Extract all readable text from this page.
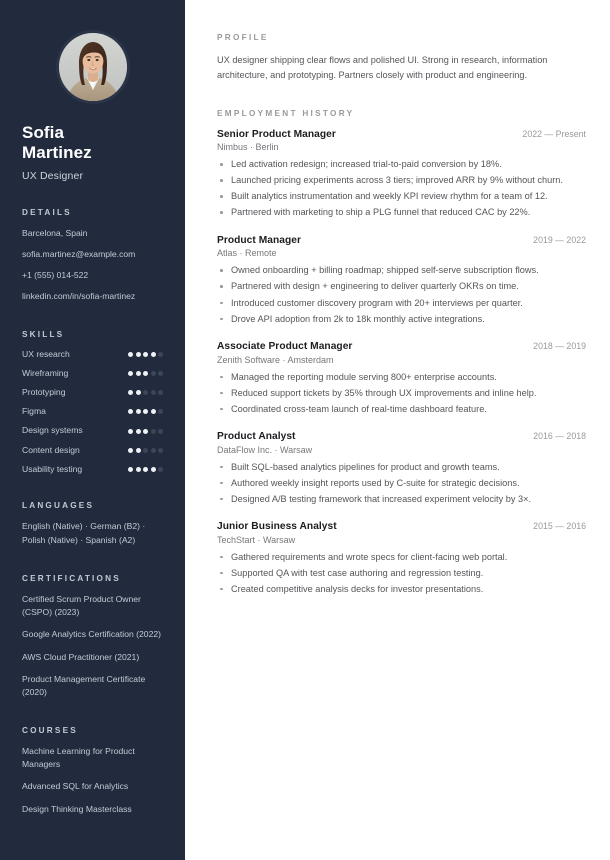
Sofia
Martinez
UX Designer
DETAILS
Barcelona, Spain
sofia.martinez@example.com
+1 (555) 014-522
linkedin.com/in/sofia-martinez
SKILLS
UX research
Wireframing
Prototyping
Figma
Design systems
Content design
Usability testing
LANGUAGES
English (Native) · German (B2) · Polish (Native) · Spanish (A2)
CERTIFICATIONS
Certified Scrum Product Owner (CSPO) (2023)
Google Analytics Certification (2022)
AWS Cloud Practitioner (2021)
Product Management Certificate (2020)
COURSES
Machine Learning for Product Managers
Advanced SQL for Analytics
Design Thinking Masterclass
PROFILE

UX designer shipping clear flows and polished UI. Strong in research, information architecture, and prototyping. Partners closely with product and engineering.

EMPLOYMENT HISTORY
Senior Product Manager	2022 — Present
Nimbus · Berlin
Led activation redesign; increased trial-to-paid conversion by 18%.
Launched pricing experiments across 3 tiers; improved ARR by 9% without churn.
Built analytics instrumentation and weekly KPI review rhythm for a team of 12.
Partnered with marketing to ship a PLG funnel that reduced CAC by 22%.
Product Manager	2019 — 2022
Atlas · Remote
Owned onboarding + billing roadmap; shipped self-serve subscription flows.
Partnered with design + engineering to deliver quarterly OKRs on time.
Introduced customer discovery program with 20+ interviews per quarter.
Drove API adoption from 2k to 18k monthly active integrations.
Associate Product Manager	2018 — 2019
Zenith Software · Amsterdam
Managed the reporting module serving 800+ enterprise accounts.
Reduced support tickets by 35% through UX improvements and inline help.
Coordinated cross-team launch of real-time dashboard feature.
Product Analyst	2016 — 2018
DataFlow Inc. · Warsaw
Built SQL-based analytics pipelines for product and growth teams.
Authored weekly insight reports used by C-suite for strategic decisions.
Designed A/B testing framework that increased experiment velocity by 3×.
Junior Business Analyst	2015 — 2016
TechStart · Warsaw
Gathered requirements and wrote specs for client-facing web portal.
Supported QA with test case authoring and regression testing.
Created competitive analysis decks for investor presentations.
